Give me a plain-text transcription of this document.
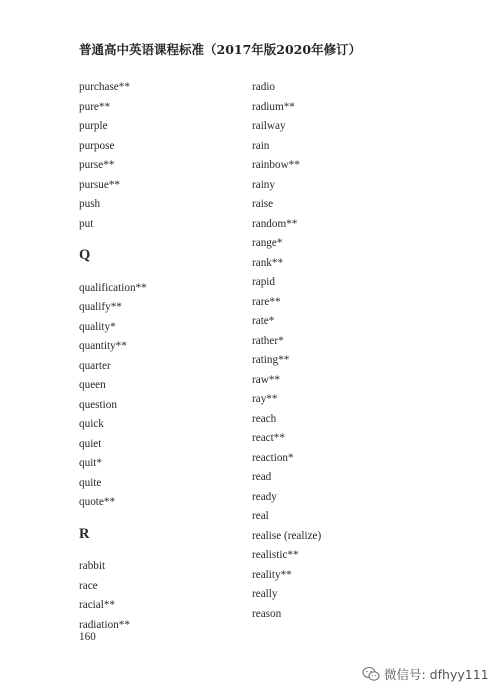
普通高中英语课程标准（2017年版2020年修订）
purchase**
pure**
purple
purpose
purse**
pursue**
push
put
Q
qualification**
qualify**
quality*
quantity**
quarter
queen
question
quick
quiet
quit*
quite
quote**
R
rabbit
race
racial**
radiation**
radio
radium**
railway
rain
rainbow**
rainy
raise
random**
range*
rank**
rapid
rare**
rate*
rather*
rating**
raw**
ray**
reach
react**
reaction*
read
ready
real
realise (realize)
realistic**
reality**
really
reason
160
微信号: dfhyy111
